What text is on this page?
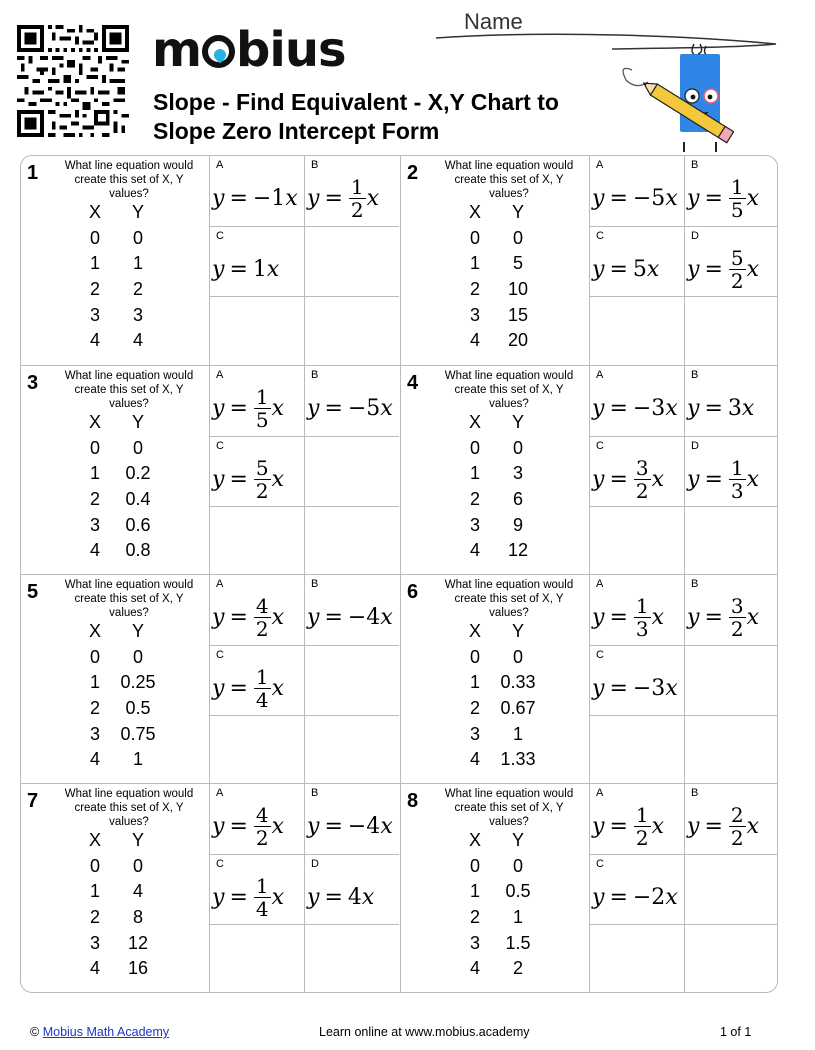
m bius
Slope - Find Equivalent - X,Y Chart to Slope Zero Intercept Form
Name
1	What line equation would create this set of X, Y values?
X	Y
0	0
1	1
2	2
3	3
4	4
A
y = −1 x
B
$y = \frac{1}{2}$ x
C
y = 1 x
2	What line equation would create this set of X, Y values?
X	Y
0	0
1	5
2	10
3	15
4	20
A
y = −5 x
B
$y = \frac{1}{5}$ x
C
y = 5 x
D
$y = \frac{5}{2}$ x
3	What line equation would create this set of X, Y values?
X	Y
0	0
1	0.2
2	0.4
3	0.6
4	0.8
A
$y = \frac{1}{5}$ x
B
y = −5 x
C
$y = \frac{5}{2}$ x
4	What line equation would create this set of X, Y values?
X	Y
0	0
1	3
2	6
3	9
4	12
A
y = −3 x
B
y = 3 x
C
$y = \frac{3}{2}$ x
D
$y = \frac{1}{3}$ x
5	What line equation would create this set of X, Y values?
X	Y
0	0
1	0.25
2	0.5
3	0.75
4	1
A
$y = \frac{4}{2}$ x
B
y = −4 x
C
$y = \frac{1}{4}$ x
6	What line equation would create this set of X, Y values?
X	Y
0	0
1	0.33
2	0.67
3	1
4	1.33
A
$y = \frac{1}{3}$ x
B
$y = \frac{3}{2}$ x
C
y = −3 x
7	What line equation would create this set of X, Y values?
X	Y
0	0
1	4
2	8
3	12
4	16
A
$y = \frac{4}{2}$ x
B
y = −4 x
C
$y = \frac{1}{4}$ x
D
y = 4 x
8	What line equation would create this set of X, Y values?
X	Y
0	0
1	0.5
2	1
3	1.5
4	2
A
$y = \frac{1}{2}$ x
B
$y = \frac{2}{2}$ x
C
y = −2 x
© Mobius Math Academy	Learn online at www.mobius.academy	1 of 1
